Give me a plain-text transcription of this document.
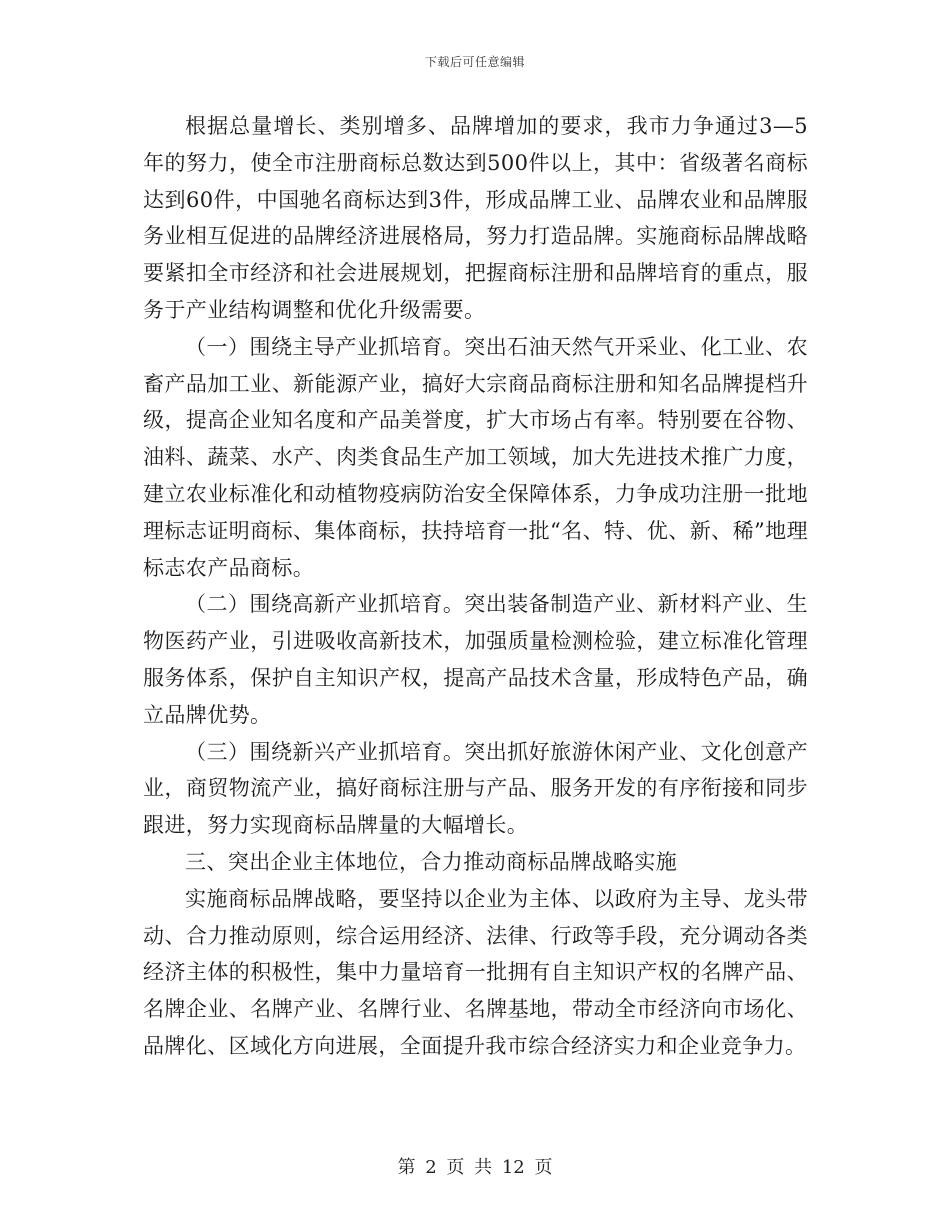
下载后可任意编辑

根据总量增长、类别增多、品牌增加的要求，我市力争通过3—5年的努力，使全市注册商标总数达到500件以上，其中：省级著名商标达到60件，中国驰名商标达到3件，形成品牌工业、品牌农业和品牌服务业相互促进的品牌经济进展格局，努力打造品牌。实施商标品牌战略要紧扣全市经济和社会进展规划，把握商标注册和品牌培育的重点，服务于产业结构调整和优化升级需要。

（一）围绕主导产业抓培育。突出石油天然气开采业、化工业、农畜产品加工业、新能源产业，搞好大宗商品商标注册和知名品牌提档升级，提高企业知名度和产品美誉度，扩大市场占有率。特别要在谷物、油料、蔬菜、水产、肉类食品生产加工领域，加大先进技术推广力度，建立农业标准化和动植物疫病防治安全保障体系，力争成功注册一批地理标志证明商标、集体商标，扶持培育一批“名、特、优、新、稀”地理标志农产品商标。

（二）围绕高新产业抓培育。突出装备制造产业、新材料产业、生物医药产业，引进吸收高新技术，加强质量检测检验，建立标准化管理服务体系，保护自主知识产权，提高产品技术含量，形成特色产品，确立品牌优势。

（三）围绕新兴产业抓培育。突出抓好旅游休闲产业、文化创意产业，商贸物流产业，搞好商标注册与产品、服务开发的有序衔接和同步跟进，努力实现商标品牌量的大幅增长。

三、突出企业主体地位，合力推动商标品牌战略实施

实施商标品牌战略，要坚持以企业为主体、以政府为主导、龙头带动、合力推动原则，综合运用经济、法律、行政等手段，充分调动各类经济主体的积极性，集中力量培育一批拥有自主知识产权的名牌产品、名牌企业、名牌产业、名牌行业、名牌基地，带动全市经济向市场化、品牌化、区域化方向进展，全面提升我市综合经济实力和企业竞争力。

第 2 页 共 12 页
